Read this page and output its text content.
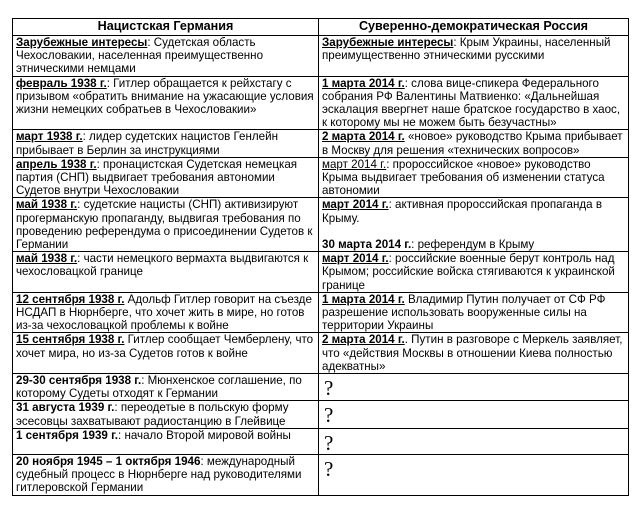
Нацистская Германия	Суверенно-демократическая Россия

Зарубежные интересы: Судетская область Чехословакии, населенная преимущественно этническими немцами	Зарубежные интересы: Крым Украины, населенный преимущественно этническими русскими

февраль 1938 г.: Гитлер обращается к рейхстагу с призывом «обратить внимание на ужасающие условия жизни немецких собратьев в Чехословакии»	1 марта 2014 г.: слова вице-спикера Федерального собрания РФ Валентины Матвиенко: «Дальнейшая эскалация ввергнет наше братское государство в хаос, к которому мы не можем быть безучастны»

март 1938 г.: лидер судетских нацистов Генлейн прибывает в Берлин за инструкциями	2 марта 2014 г. «новое» руководство Крыма прибывает в Москву для решения «технических вопросов»

апрель 1938 г.: пронацистская Судетская немецкая партия (СНП) выдвигает требования автономии Судетов внутри Чехословакии	март 2014 г.: пророссийское «новое» руководство Крыма выдвигает требования об изменении статуса автономии

май 1938 г.: судетские нацисты (СНП) активизируют прогерманскую пропаганду, выдвигая требования по проведению референдума о присоединении Судетов к Германии	март 2014 г.: активная пророссийская пропаганда в Крыму.
30 марта 2014 г.: референдум в Крыму

май 1938 г.: части немецкого вермахта выдвигаются к чехословацкой границе	март 2014 г.: российские военные берут контроль над Крымом; российские войска стягиваются к украинской границе

12 сентября 1938 г. Адольф Гитлер говорит на съезде НСДАП в Нюрнберге, что хочет жить в мире, но готов из-за чехословацкой проблемы к войне	1 марта 2014 г. Владимир Путин получает от СФ РФ разрешение использовать вооруженные силы на территории Украины

15 сентября 1938 г. Гитлер сообщает Чемберлену, что хочет мира, но из-за Судетов готов к войне	2 марта 2014 г.. Путин в разговоре с Меркель заявляет, что «действия Москвы в отношении Киева полностью адекватны»

29-30 сентября 1938 г.: Мюнхенское соглашение, по которому Судеты отходят к Германии	?

31 августа 1939 г.: переодетые в польскую форму эсесовцы захватывают радиостанцию в Глейвице	?

1 сентября 1939 г.: начало Второй мировой войны	?

20 ноября 1945 – 1 октября 1946: международный судебный процесс в Нюрнберге над руководителями гитлеровской Германии	?
